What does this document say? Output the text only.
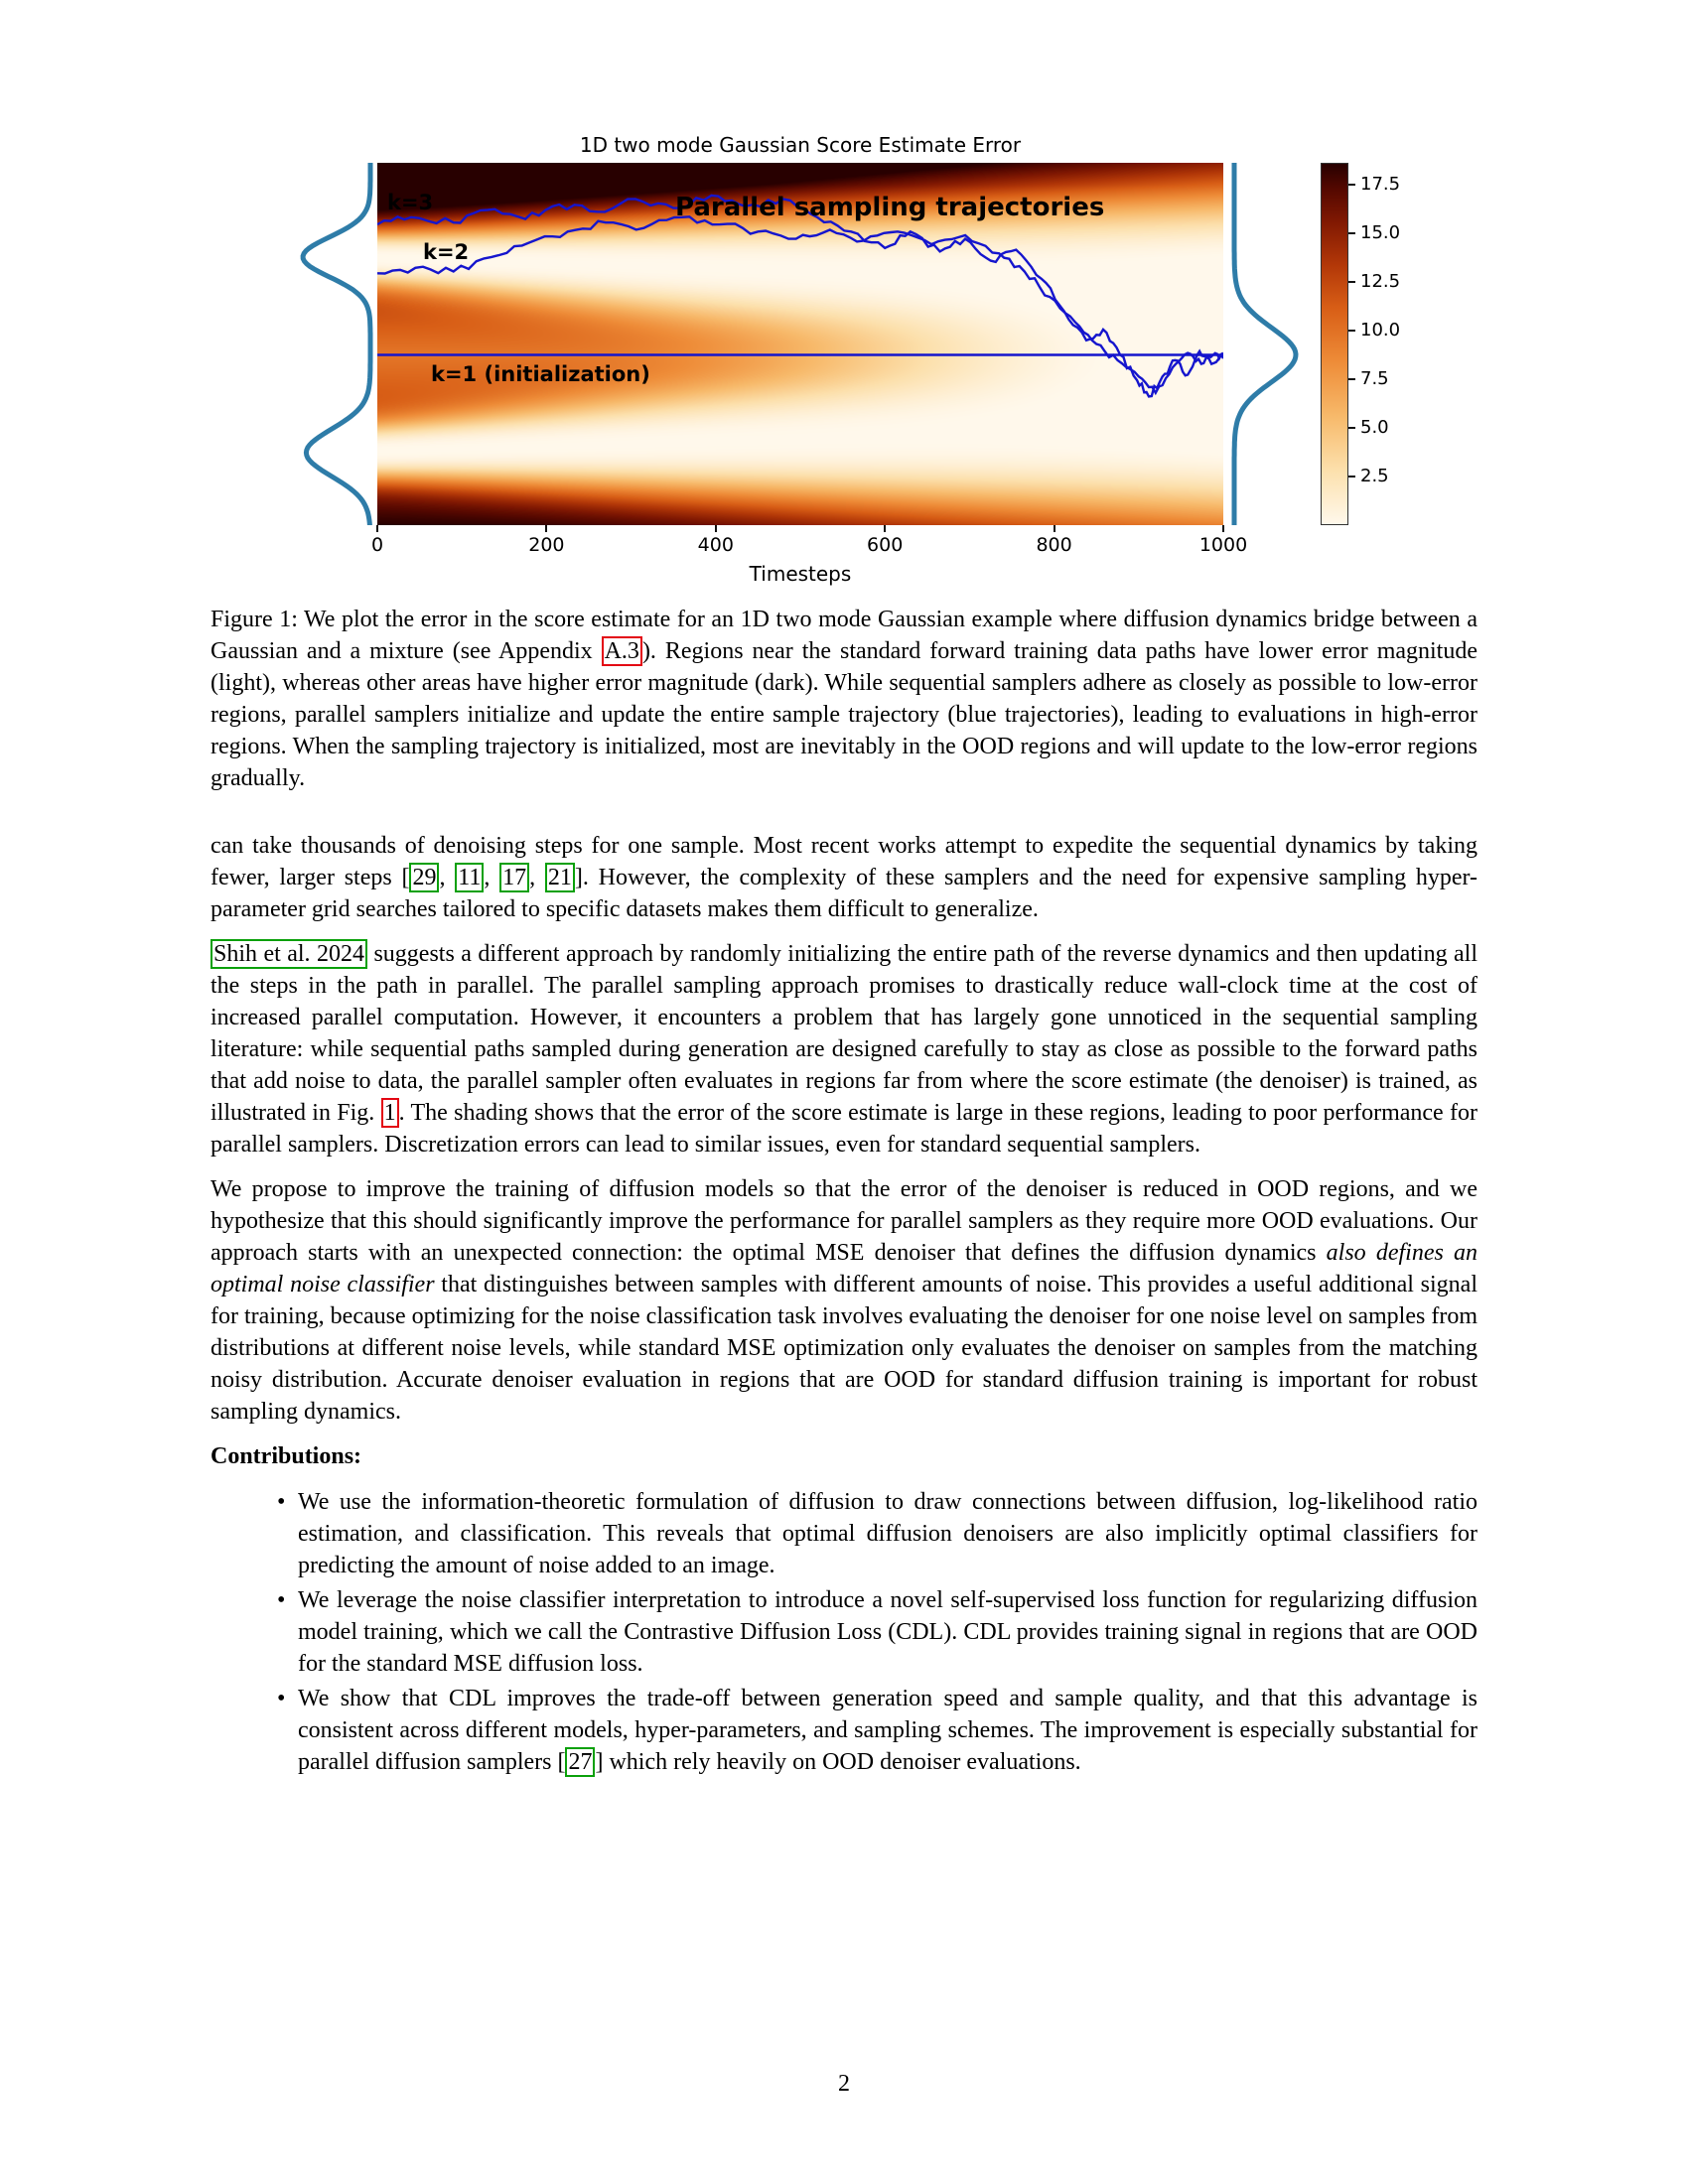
1D two mode Gaussian Score Estimate Error
k=3
k=2
k=1 (initialization)
Parallel sampling trajectories
0	200	400	600	800	1000
2.5
5.0
7.5
10.0
12.5
15.0
17.5
Timesteps
Figure 1: We plot the error in the score estimate for an 1D two mode Gaussian example where diffusion dynamics bridge between a Gaussian and a mixture (see Appendix A.3 ). Regions near the standard forward training data paths have lower error magnitude (light), whereas other areas have higher error magnitude (dark). While sequential samplers adhere as closely as possible to low-error regions, parallel samplers initialize and update the entire sample trajectory (blue trajectories), leading to evaluations in high-error regions. When the sampling trajectory is initialized, most are inevitably in the OOD regions and will update to the low-error regions gradually.

can take thousands of denoising steps for one sample. Most recent works attempt to expedite the sequential dynamics by taking fewer, larger steps [ 29 , 11 , 17 , 21 ]. However, the complexity of these samplers and the need for expensive sampling hyper-parameter grid searches tailored to specific datasets makes them difficult to generalize.

Shih et al. 2024 suggests a different approach by randomly initializing the entire path of the reverse dynamics and then updating all the steps in the path in parallel. The parallel sampling approach promises to drastically reduce wall-clock time at the cost of increased parallel computation. However, it encounters a problem that has largely gone unnoticed in the sequential sampling literature: while sequential paths sampled during generation are designed carefully to stay as close as possible to the forward paths that add noise to data, the parallel sampler often evaluates in regions far from where the score estimate (the denoiser) is trained, as illustrated in Fig. 1 . The shading shows that the error of the score estimate is large in these regions, leading to poor performance for parallel samplers. Discretization errors can lead to similar issues, even for standard sequential samplers.

We propose to improve the training of diffusion models so that the error of the denoiser is reduced in OOD regions, and we hypothesize that this should significantly improve the performance for parallel samplers as they require more OOD evaluations. Our approach starts with an unexpected connection: the optimal MSE denoiser that defines the diffusion dynamics also defines an optimal noise classifier that distinguishes between samples with different amounts of noise. This provides a useful additional signal for training, because optimizing for the noise classification task involves evaluating the denoiser for one noise level on samples from distributions at different noise levels, while standard MSE optimization only evaluates the denoiser on samples from the matching noisy distribution. Accurate denoiser evaluation in regions that are OOD for standard diffusion training is important for robust sampling dynamics.

Contributions:

• We use the information-theoretic formulation of diffusion to draw connections between diffusion, log-likelihood ratio estimation, and classification. This reveals that optimal diffusion denoisers are also implicitly optimal classifiers for predicting the amount of noise added to an image.
• We leverage the noise classifier interpretation to introduce a novel self-supervised loss function for regularizing diffusion model training, which we call the Contrastive Diffusion Loss (CDL). CDL provides training signal in regions that are OOD for the standard MSE diffusion loss.
• We show that CDL improves the trade-off between generation speed and sample quality, and that this advantage is consistent across different models, hyper-parameters, and sampling schemes. The improvement is especially substantial for parallel diffusion samplers [ 27 ] which rely heavily on OOD denoiser evaluations.
2
